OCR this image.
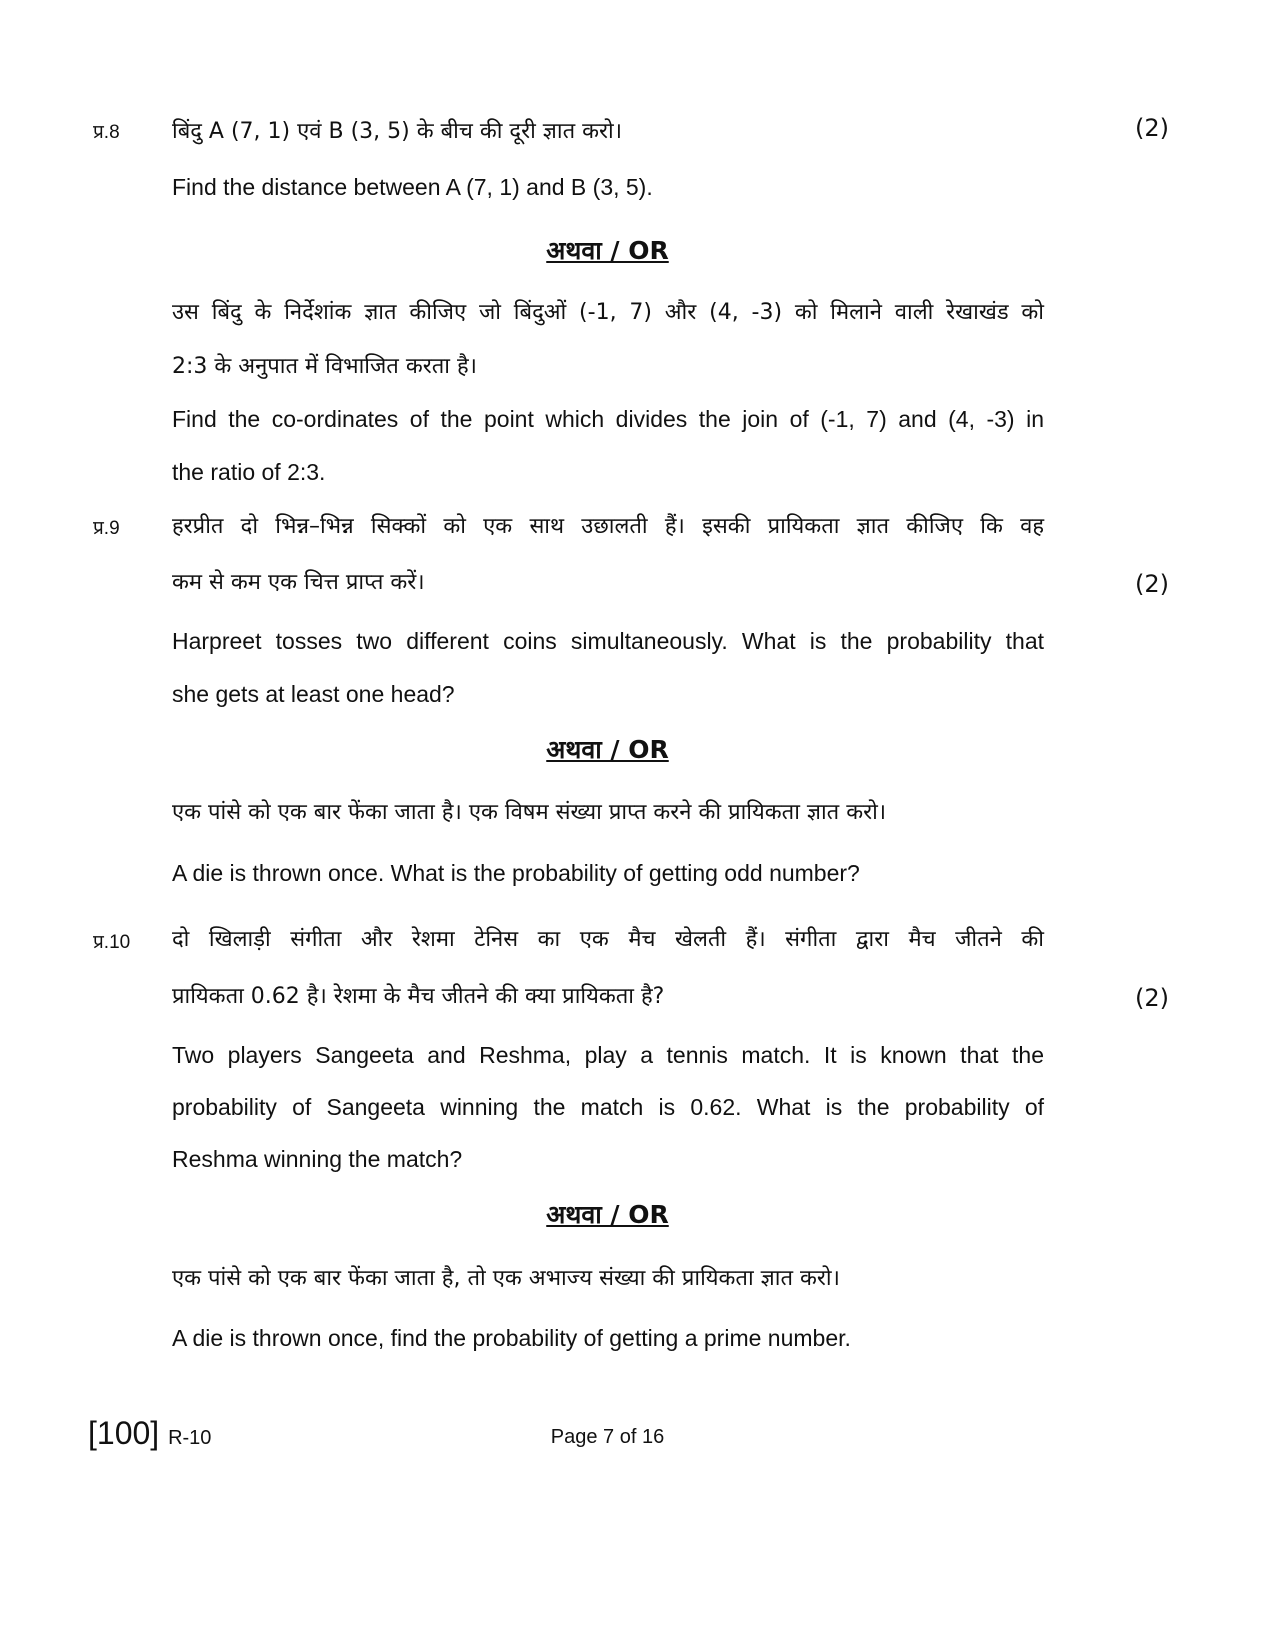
प्र.8 बिंदु A (7, 1) एवं B (3, 5) के बीच की दूरी ज्ञात करो।	(2)
Find the distance between A (7, 1) and B (3, 5).
अथवा / OR
उस बिंदु के निर्देशांक ज्ञात कीजिए जो बिंदुओं (-1, 7) और (4, -3) को मिलाने वाली रेखाखंड को
2:3 के अनुपात में विभाजित करता है।
Find the co-ordinates of the point which divides the join of (-1, 7) and (4, -3) in
the ratio of 2:3.
प्र.9 हरप्रीत दो भिन्न–भिन्न सिक्कों को एक साथ उछालती हैं। इसकी प्रायिकता ज्ञात कीजिए कि वह
कम से कम एक चित्त प्राप्त करें।	(2)
Harpreet tosses two different coins simultaneously. What is the probability that
she gets at least one head?
अथवा / OR
एक पांसे को एक बार फेंका जाता है। एक विषम संख्या प्राप्त करने की प्रायिकता ज्ञात करो।
A die is thrown once. What is the probability of getting odd number?
प्र.10 दो खिलाड़ी संगीता और रेशमा टेनिस का एक मैच खेलती हैं। संगीता द्वारा मैच जीतने की
प्रायिकता 0.62 है। रेशमा के मैच जीतने की क्या प्रायिकता है?	(2)
Two players Sangeeta and Reshma, play a tennis match. It is known that the
probability of Sangeeta winning the match is 0.62. What is the probability of
Reshma winning the match?
अथवा / OR
एक पांसे को एक बार फेंका जाता है, तो एक अभाज्य संख्या की प्रायिकता ज्ञात करो।
A die is thrown once, find the probability of getting a prime number.
[100] R-10	Page 7 of 16
